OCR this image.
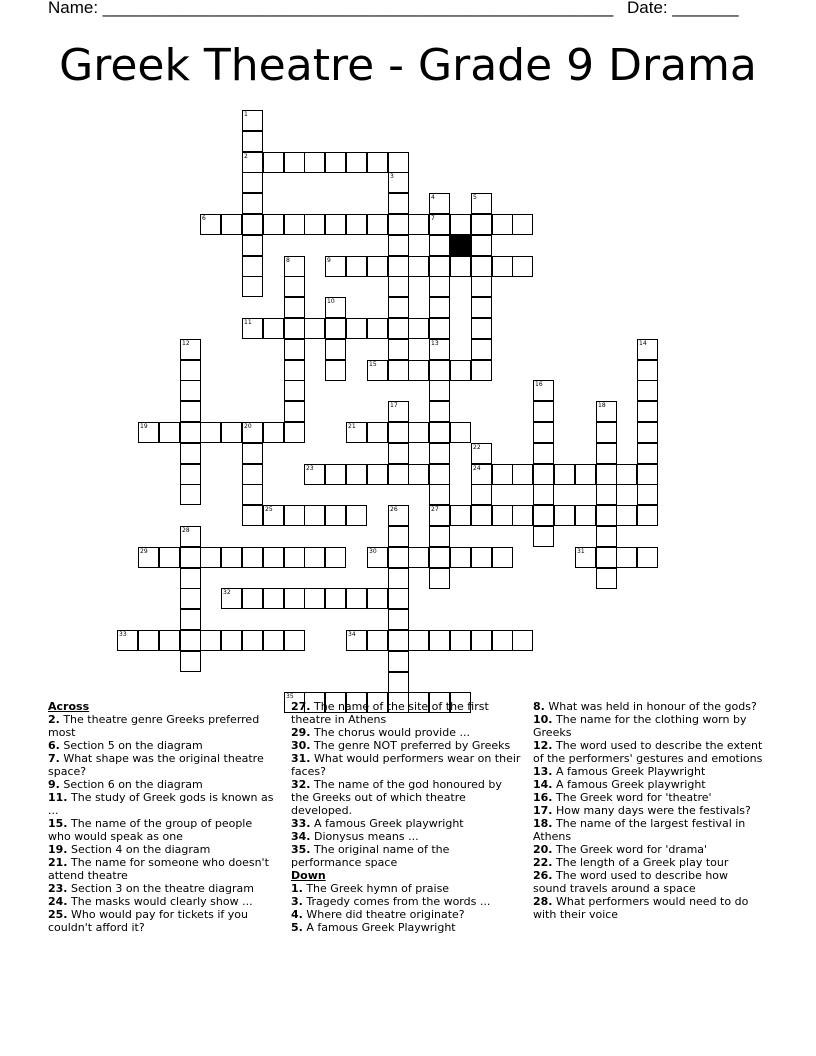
Name: ______________________________________________________ Date: _______
Greek Theatre - Grade 9 Drama
1
2
3
4
7
13
5
6
8	9
10
11
12
27
14
15
16
17	18
19	20	21
22
24
23
25	26
28
29	30	31
32
33	34
35
Across
2. The theatre genre Greeks preferred most
6. Section 5 on the diagram
7. What shape was the original theatre space?
9. Section 6 on the diagram
11. The study of Greek gods is known as ...
15. The name of the group of people who would speak as one
19. Section 4 on the diagram
21. The name for someone who doesn't attend theatre
23. Section 3 on the theatre diagram
24. The masks would clearly show ...
25. Who would pay for tickets if you couldn't afford it?
27. The name of the site of the first theatre in Athens
29. The chorus would provide ...
30. The genre NOT preferred by Greeks
31. What would performers wear on their faces?
32. The name of the god honoured by the Greeks out of which theatre developed.
33. A famous Greek playwright
34. Dionysus means ...
35. The original name of the performance space
Down
1. The Greek hymn of praise
3. Tragedy comes from the words ...
4. Where did theatre originate?
5. A famous Greek Playwright
8. What was held in honour of the gods?
10. The name for the clothing worn by Greeks
12. The word used to describe the extent of the performers' gestures and emotions
13. A famous Greek Playwright
14. A famous Greek playwright
16. The Greek word for 'theatre'
17. How many days were the festivals?
18. The name of the largest festival in Athens
20. The Greek word for 'drama'
22. The length of a Greek play tour
26. The word used to describe how sound travels around a space
28. What performers would need to do with their voice
